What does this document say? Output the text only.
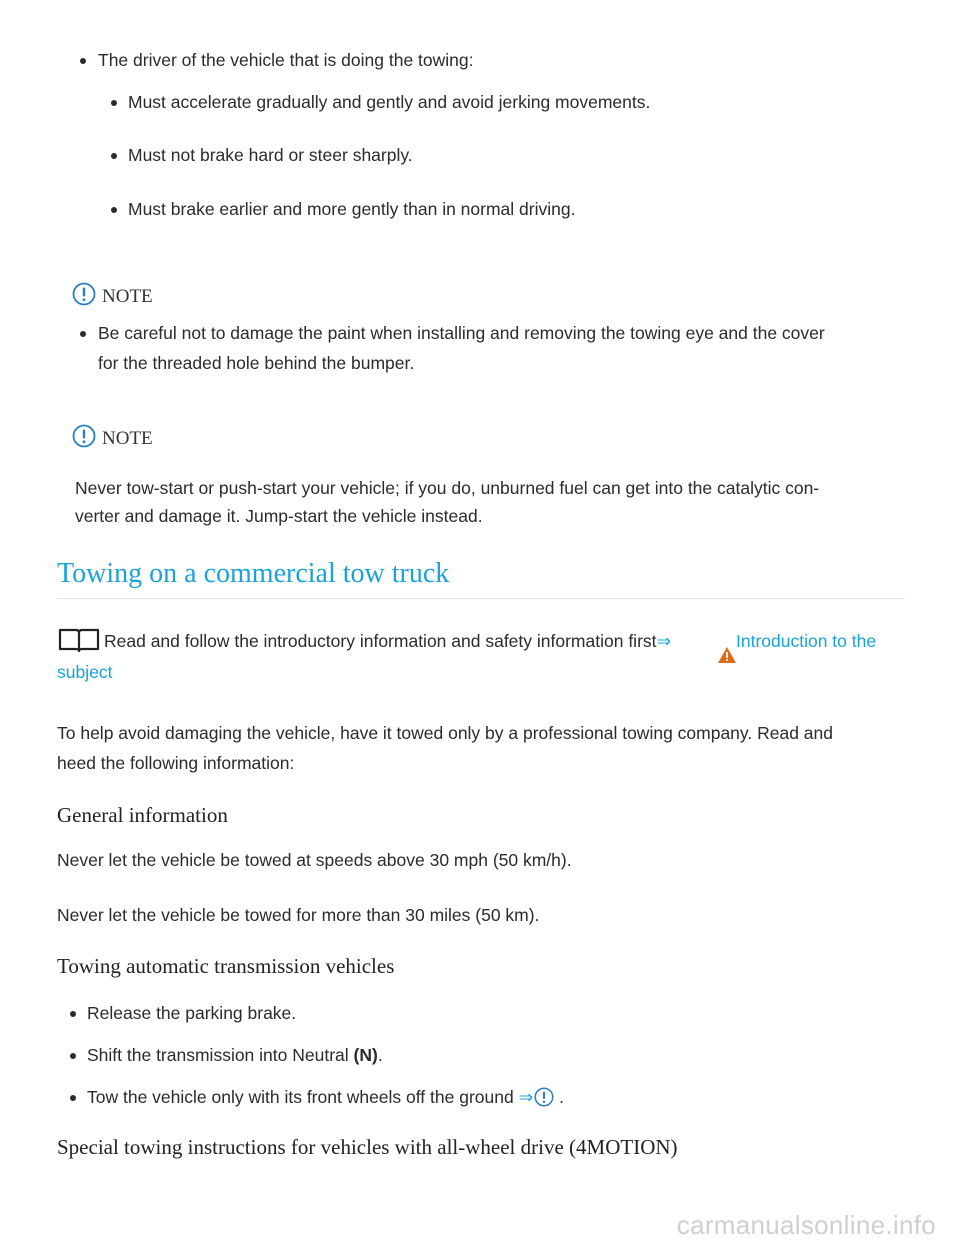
The driver of the vehicle that is doing the towing:
Must accelerate gradually and gently and avoid jerking movements.
Must not brake hard or steer sharply.
Must brake earlier and more gently than in normal driving.
NOTE
Be careful not to damage the paint when installing and removing the towing eye and the cover
for the threaded hole behind the bumper.
NOTE
Never tow-start or push-start your vehicle; if you do, unburned fuel can get into the catalytic con-
verter and damage it. Jump-start the vehicle instead.
Towing on a commercial tow truck
Read and follow the introductory information and safety information first⇒	Introduction to the
subject
To help avoid damaging the vehicle, have it towed only by a professional towing company. Read and
heed the following information:
General information
Never let the vehicle be towed at speeds above 30 mph (50 km/h).
Never let the vehicle be towed for more than 30 miles (50 km).
Towing automatic transmission vehicles
Release the parking brake.
Shift the transmission into Neutral (N).
Tow the vehicle only with its front wheels off the ground ⇒ .
Special towing instructions for vehicles with all-wheel drive (4MOTION)
carmanualsonline.info
